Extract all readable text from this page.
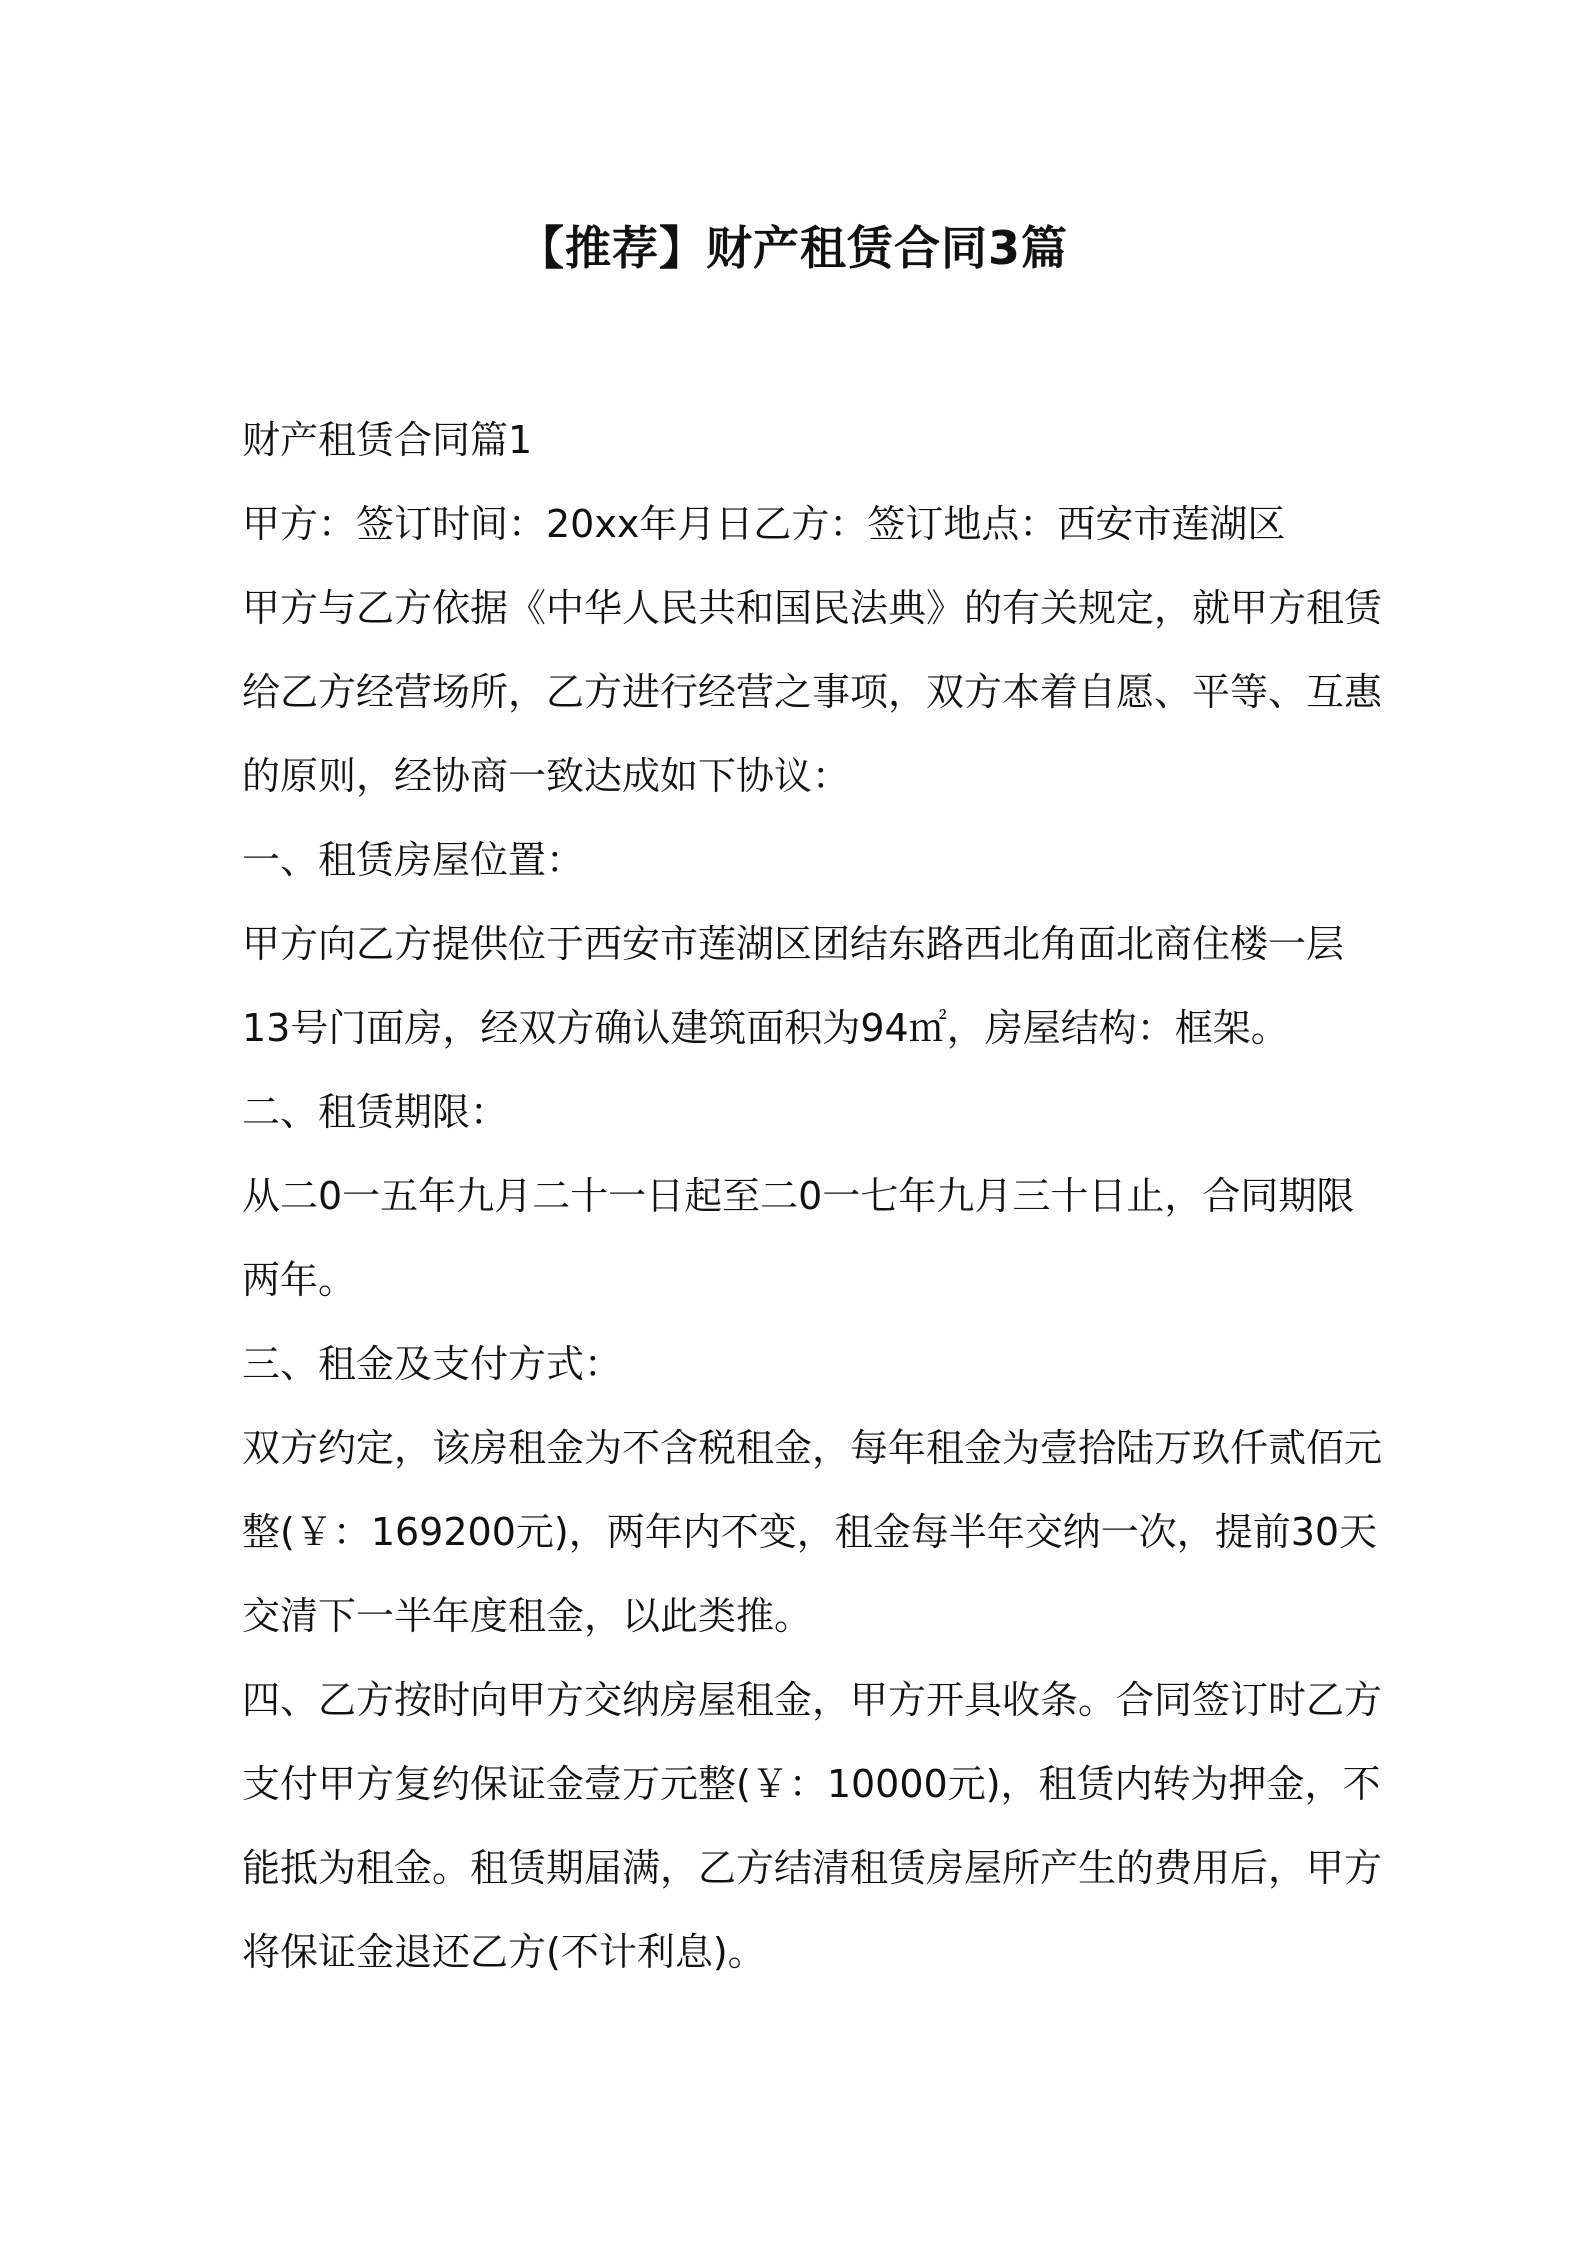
【推荐】财产租赁合同3篇

财产租赁合同篇1

甲方：签订时间：20xx年月日乙方：签订地点：西安市莲湖区

甲方与乙方依据《中华人民共和国民法典》的有关规定，就甲方租赁

给乙方经营场所，乙方进行经营之事项，双方本着自愿、平等、互惠

的原则，经协商一致达成如下协议：

一、租赁房屋位置：

甲方向乙方提供位于西安市莲湖区团结东路西北角面北商住楼一层

13号门面房，经双方确认建筑面积为94㎡，房屋结构：框架。

二、租赁期限：

从二0一五年九月二十一日起至二0一七年九月三十日止，合同期限

两年。

三、租金及支付方式：

双方约定，该房租金为不含税租金，每年租金为壹拾陆万玖仟贰佰元

整(￥：169200元)，两年内不变，租金每半年交纳一次，提前30天

交清下一半年度租金，以此类推。

四、乙方按时向甲方交纳房屋租金，甲方开具收条。合同签订时乙方

支付甲方复约保证金壹万元整(￥：10000元)，租赁内转为押金，不

能抵为租金。租赁期届满，乙方结清租赁房屋所产生的费用后，甲方

将保证金退还乙方(不计利息)。
